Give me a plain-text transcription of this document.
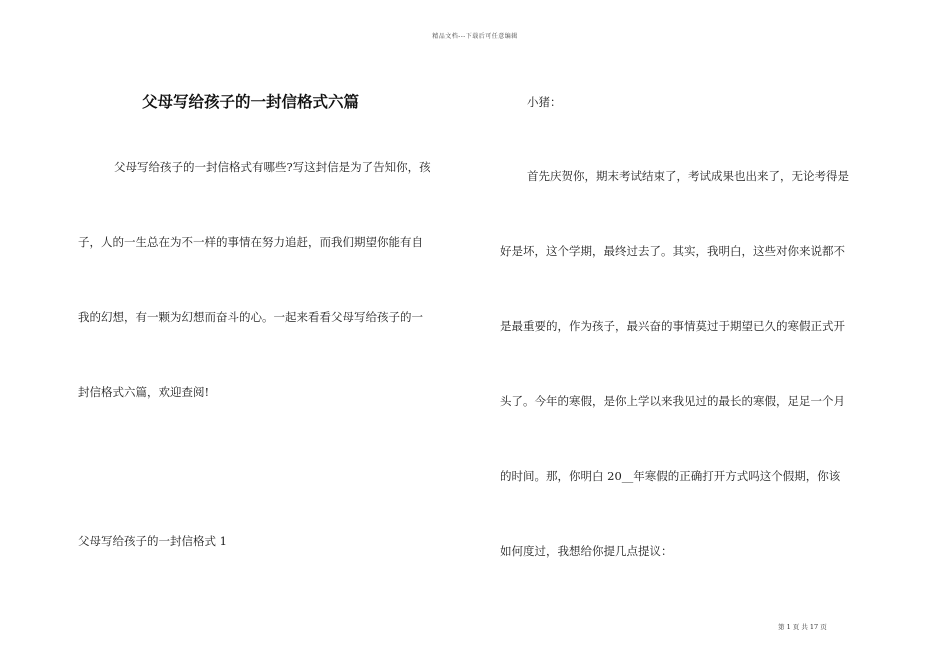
精品文档---下载后可任意编辑
父母写给孩子的一封信格式六篇
父母写给孩子的一封信格式有哪些?写这封信是为了告知你，孩
子，人的一生总在为不一样的事情在努力追赶，而我们期望你能有自
我的幻想，有一颗为幻想而奋斗的心。一起来看看父母写给孩子的一
封信格式六篇，欢迎查阅!
父母写给孩子的一封信格式 1
小猪：
首先庆贺你，期末考试结束了，考试成果也出来了，无论考得是
好是坏，这个学期，最终过去了。其实，我明白，这些对你来说都不
是最重要的，作为孩子，最兴奋的事情莫过于期望已久的寒假正式开
头了。今年的寒假，是你上学以来我见过的最长的寒假，足足一个月
的时间。那，你明白 20__年寒假的正确打开方式吗这个假期，你该
如何度过，我想给你提几点提议：
第 1 页 共 17 页
